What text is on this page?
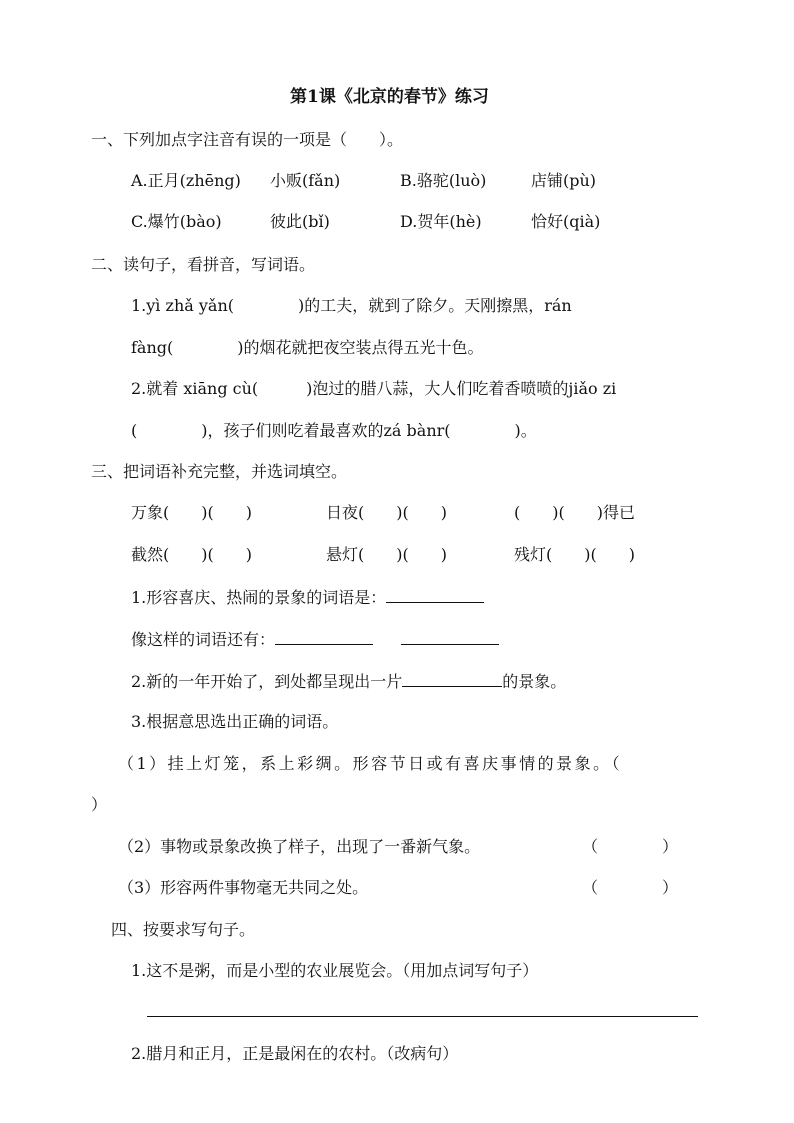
第1课《北京的春节》练习
一、下列加点字注音有误的一项是（　　）。
A.正月(zhēng) 小贩(fǎn)	B.骆驼(luò)	店铺(pù)
C.爆竹(bào)	彼此(bǐ)	D.贺年(hè)	恰好(qià)
二、读句子，看拼音，写词语。
1.yì zhǎ yǎn(　　　　)的工夫，就到了除夕。天刚擦黑，rán
fàng(　　　　)的烟花就把夜空装点得五光十色。
2.就着 xiāng cù(　　　)泡过的腊八蒜，大人们吃着香喷喷的jiǎo zi
(　　　　)，孩子们则吃着最喜欢的zá bànr(　　　　)。
三、把词语补充完整，并选词填空。
万象(　　)(　　)	日夜(　　)(　　)	(　　)(　　)得已
截然(　　)(　　)	悬灯(　　)(　　)	残灯(　　)(　　)
1.形容喜庆、热闹的景象的词语是：
像这样的词语还有：
2.新的一年开始了，到处都呈现出一片	的景象。
3.根据意思选出正确的词语。
（1）挂上灯笼，系上彩绸。形容节日或有喜庆事情的景象。（
）
（2）事物或景象改换了样子，出现了一番新气象。	（　　　　）
（3）形容两件事物毫无共同之处。	（　　　　）
四、按要求写句子。
1.这不是粥，而是小型的农业展览会。（用加点词写句子）
2.腊月和正月，正是最闲在的农村。（改病句）
